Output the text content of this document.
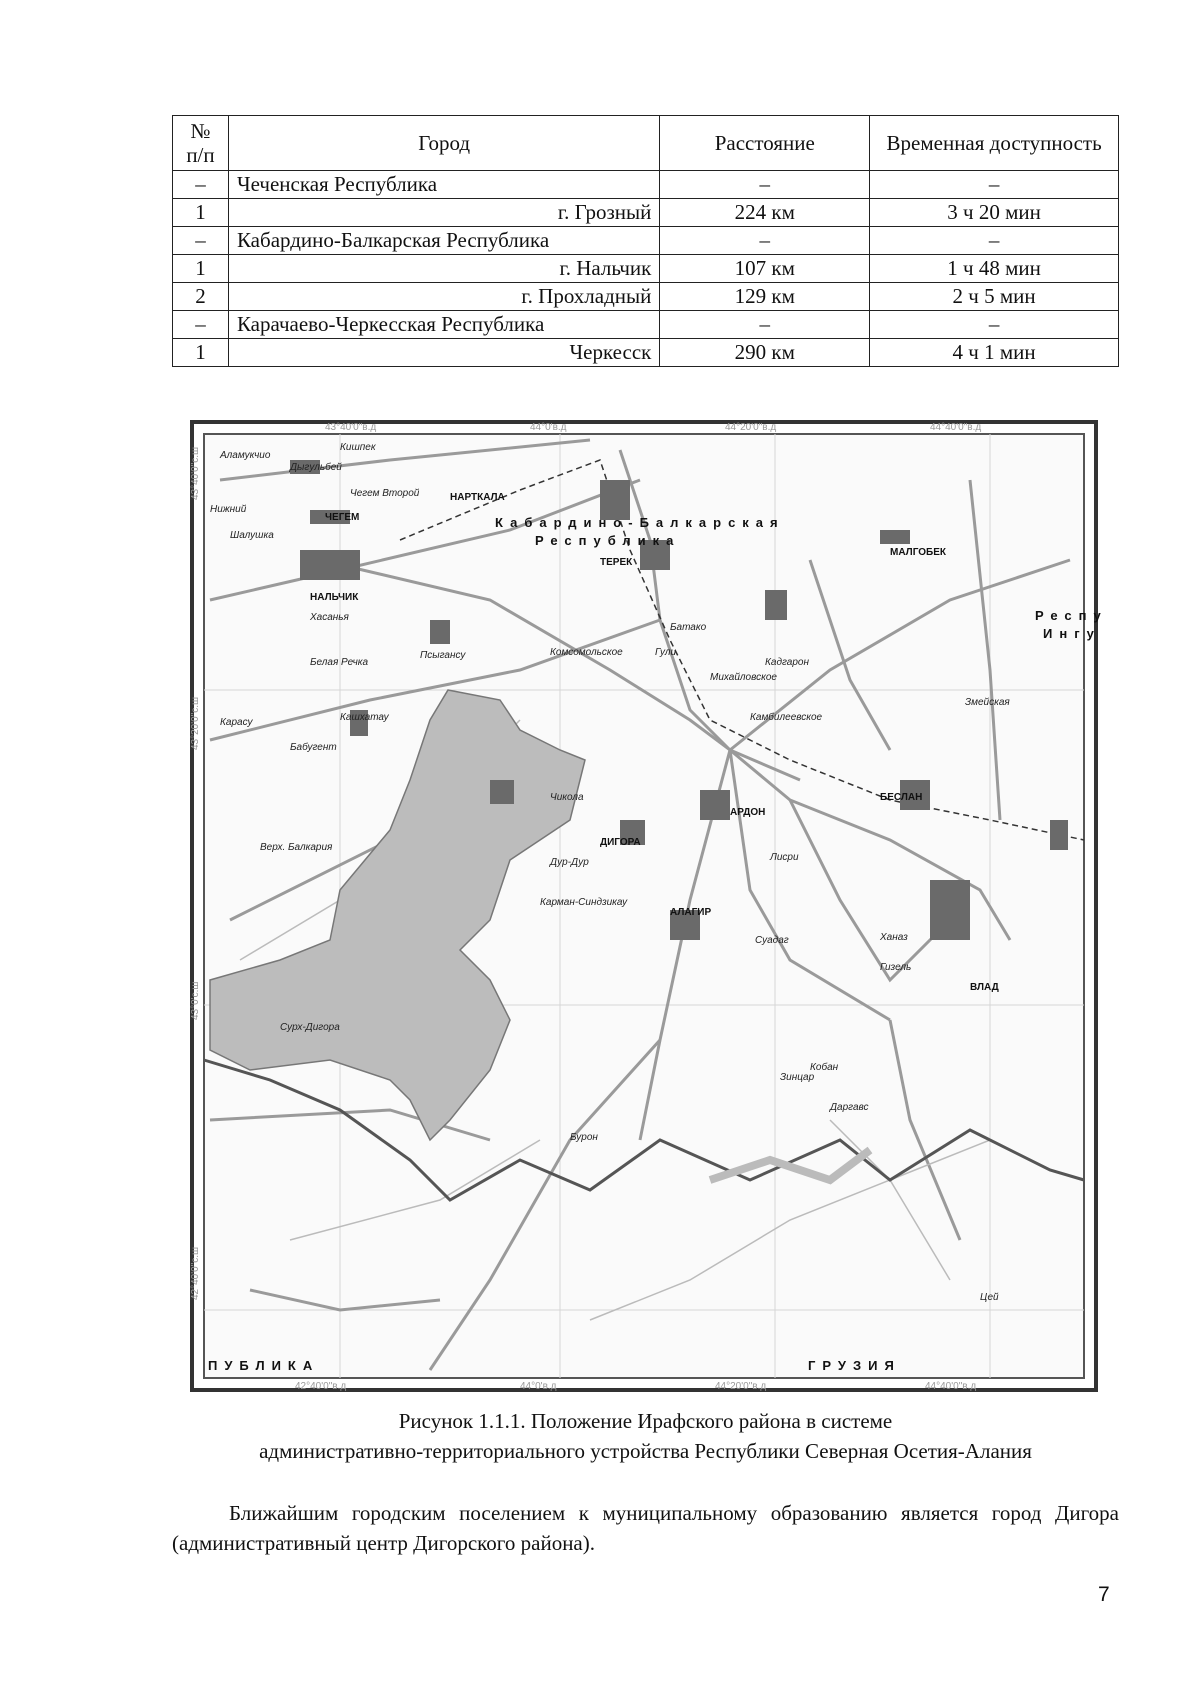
№ п/п	Город	Расстояние	Временная доступность
–	Чеченская Республика	–	–
1	г. Грозный	224 км	3 ч 20 мин
–	Кабардино-Балкарская Республика	–	–
1	г. Нальчик	107 км	1 ч 48 мин
2	г. Прохладный	129 км	2 ч 5 мин
–	Карачаево-Черкесская Республика	–	–
1	Черкесск	290 км	4 ч 1 мин
Кабардино-Балкарская
Республика
Респу
Ингу
ПУБЛИКА	ГРУЗИЯ
НАРТКАЛА
ЧЕГЕМ
НАЛЬЧИК
ТЕРЕК
МАЛГОБЕК
БЕСЛАН
АРДОН
ДИГОРА
АЛАГИР
ВЛАД
Аламукчио
Кишпек
Дыгульбей
Чегем Второй
Нижний
Шалушка
Хасанья
Белая Речка
Псыгансу
Кашхатау
Карасу
Бабугент
Чикола
Дур-Дур
Суадаг
Кобан
Ханаз
Гизель
Зинцар
Даргавс
Цей
Бурон
Верх. Балкария
Карман-Синдзикау
Лисри
Кадгарон
Змейская
Батако
Камбилеевское
Михайловское
Комсомольское
Сурх-Дигора
Гули
43°40'0"в.д	44°0'в.д	44°20'0"в.д	44°40'0"в.д
42°40'0"в.д	44°0'в.д	44°20'0"в.д	44°40'0"в.д
43°40'0"с.ш
43°20'0"с.ш
43°0'с.ш
42°40'0"с.ш
Рисунок 1.1.1. Положение Ирафского района в системе
административно-территориального устройства Республики Северная Осетия-Алания
Ближайшим городским поселением к муниципальному образованию является город Дигора (административный центр Дигорского района).
7
